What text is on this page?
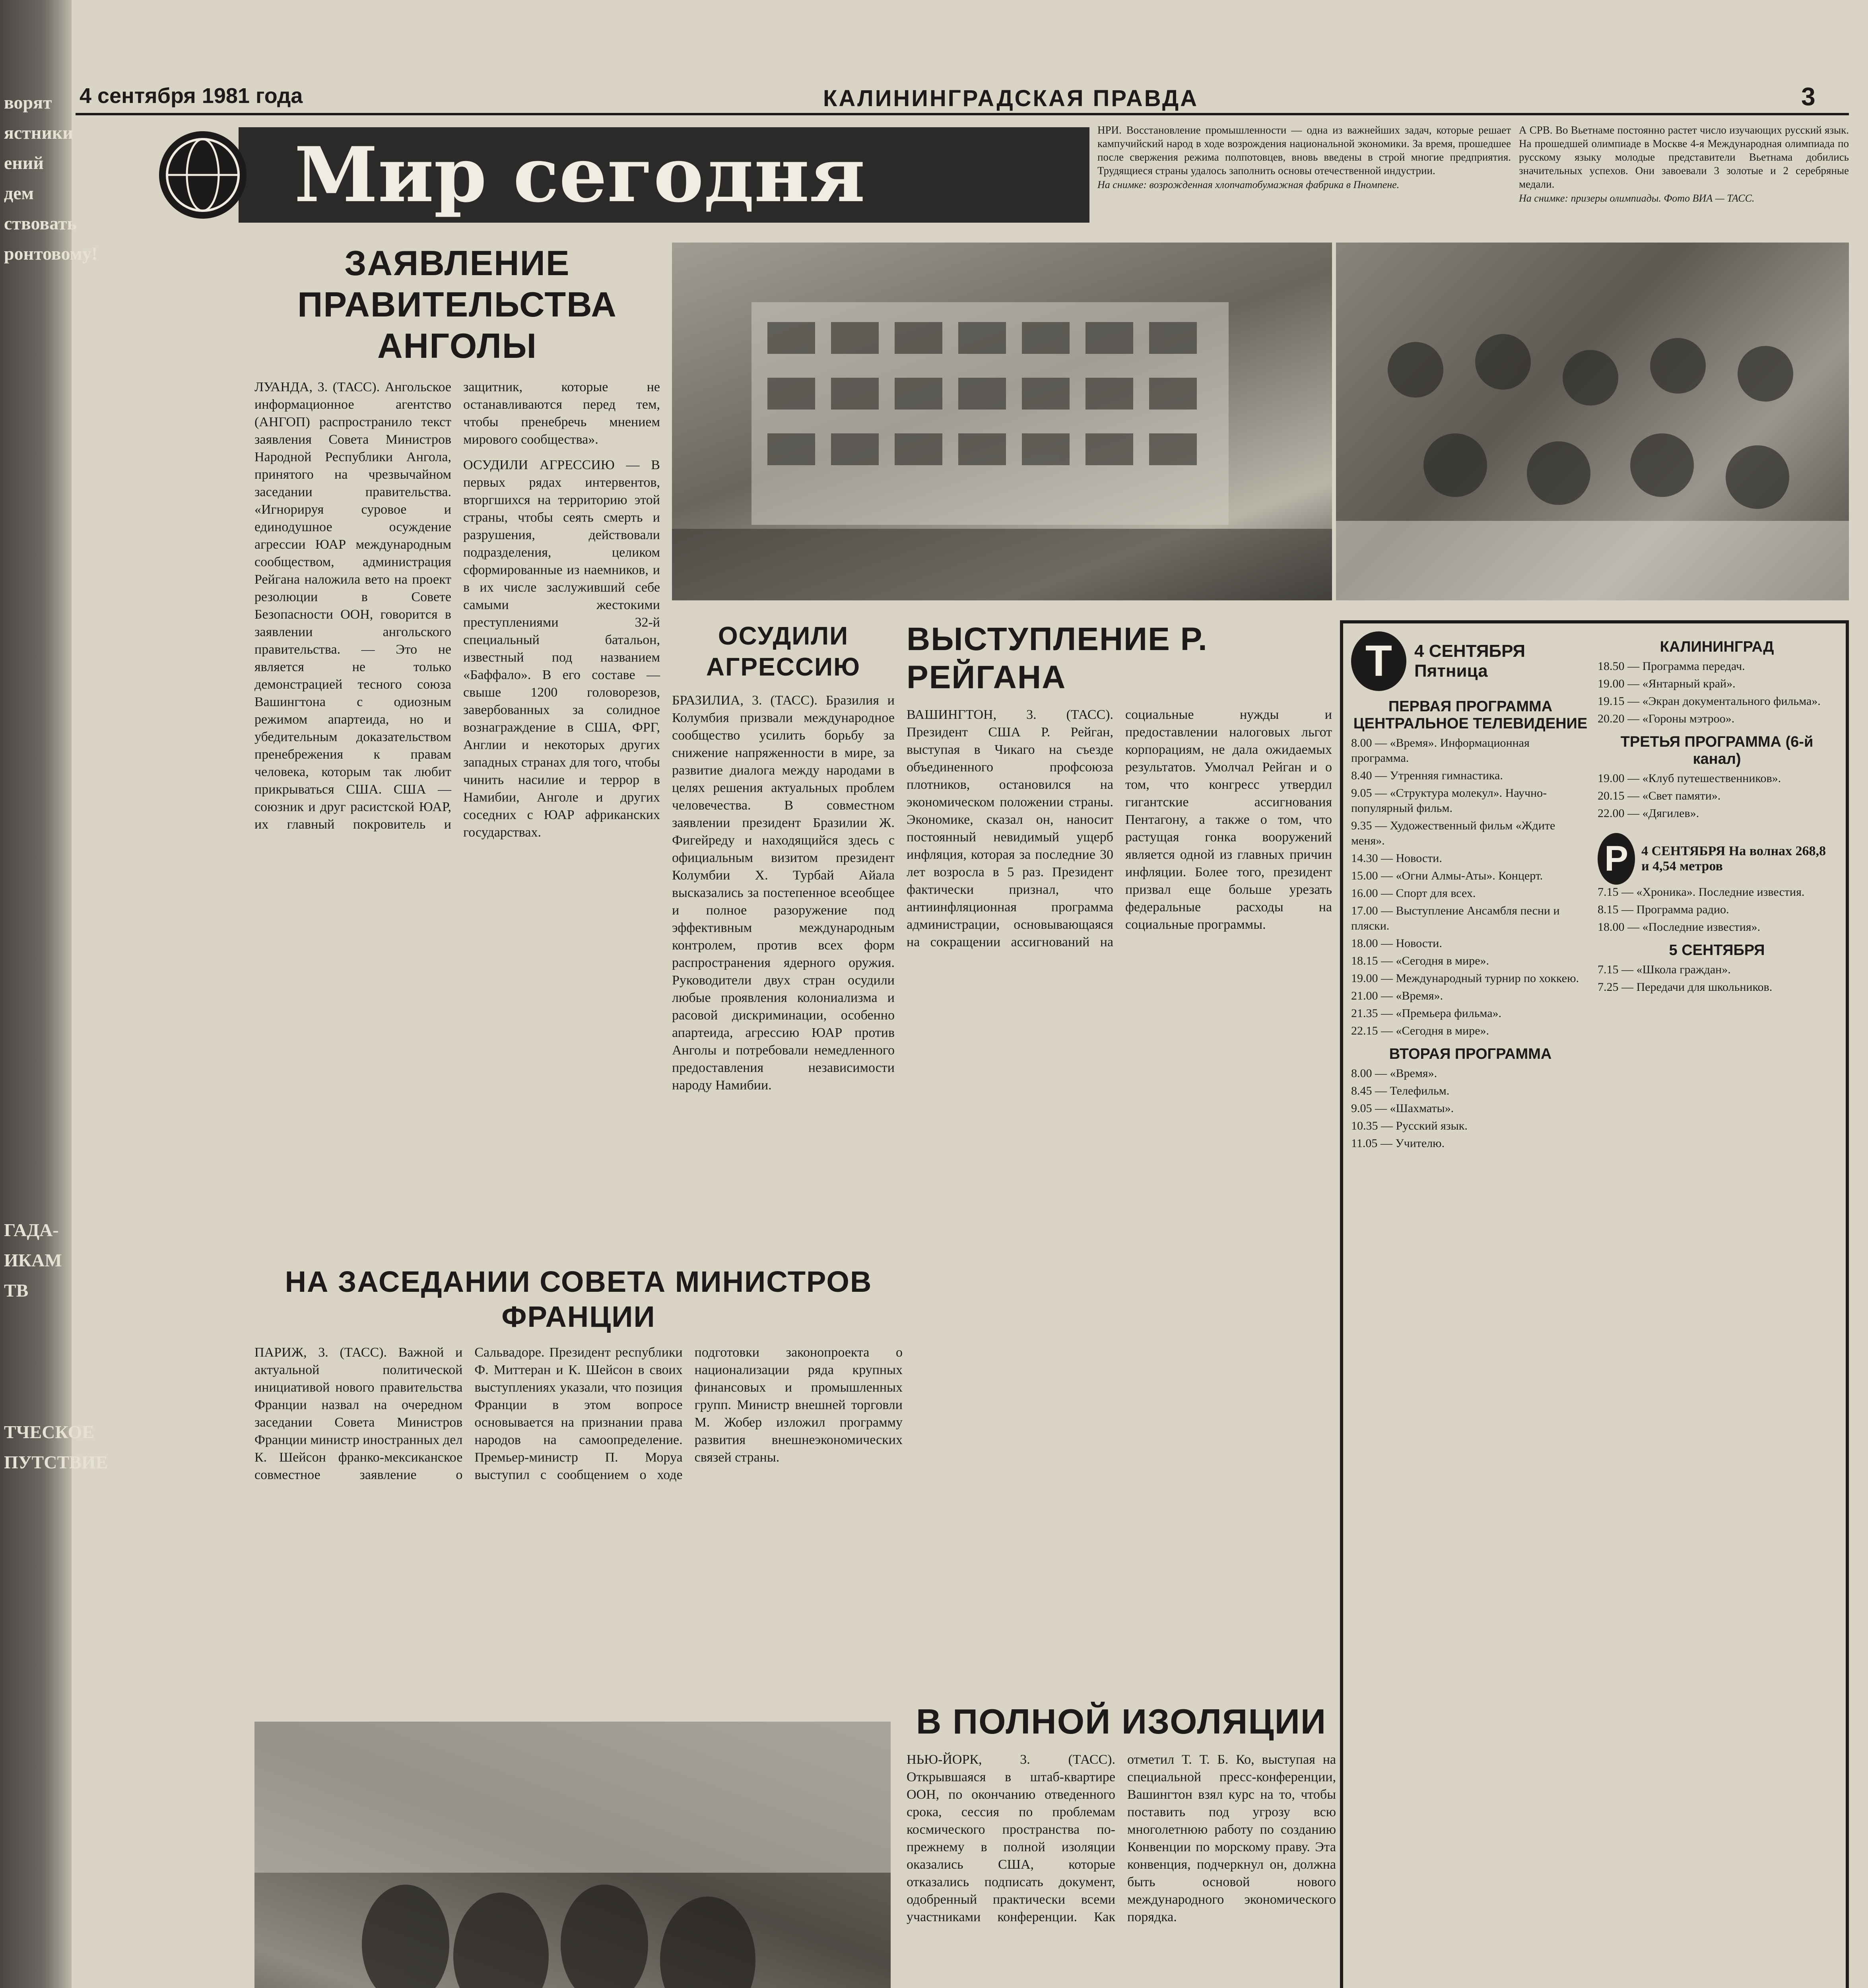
ворят

ястники

ений

дем

ствовать

ронтовому!

ГАДА-

ИКАМ

ТВ

ТЧЕСКОЕ

ПУТСТВИЕ

4 сентября 1981 года	КАЛИНИНГРАДСКАЯ ПРАВДА	3
Мир сегодня
НРИ. Восстановление промышленности — одна из важнейших задач, которые решает кампучийский народ в ходе возрождения национальной экономики. За время, прошедшее после свержения режима полпотовцев, вновь введены в строй многие предприятия. Трудящиеся страны удалось заполнить основы отечественной индустрии.
На снимке: возрожденная хлопчатобумажная фабрика в Пномпене.
А СРВ. Во Вьетнаме постоянно растет число изучающих русский язык. На прошедшей олимпиаде в Москве 4-я Международная олимпиада по русскому языку молодые представители Вьетнама добились значительных успехов. Они завоевали 3 золотые и 2 серебряные медали.
На снимке: призеры олимпиады. Фото ВИА — ТАСС.
ЗАЯВЛЕНИЕ ПРАВИТЕЛЬСТВА АНГОЛЫ
ЛУАНДА, 3. (ТАСС). Ангольское информационное агентство (АНГОП) распространило текст заявления Совета Министров Народной Республики Ангола, принятого на чрезвычайном заседании правительства. «Игнорируя суровое и единодушное осуждение агрессии ЮАР международным сообществом, администрация Рейгана наложила вето на проект резолюции в Совете Безопасности ООН, говорится в заявлении ангольского правительства. — Это не является не только демонстрацией тесного союза Вашингтона с одиозным режимом апартеида, но и убедительным доказательством пренебрежения к правам человека, которым так любит прикрываться США. США — союзник и друг расистской ЮАР, их главный покровитель и защитник, которые не останавливаются перед тем, чтобы пренебречь мнением мирового сообщества».
ОСУДИЛИ АГРЕССИЮ — В первых рядах интервентов, вторгшихся на территорию этой страны, чтобы сеять смерть и разрушения, действовали подразделения, целиком сформированные из наемников, и в их числе заслуживший себе самыми жестокими преступлениями 32-й специальный батальон, известный под названием «Баффало». В его составе — свыше 1200 головорезов, завербованных за солидное вознаграждение в США, ФРГ, Англии и некоторых других западных странах для того, чтобы чинить насилие и террор в Намибии, Анголе и других соседних с ЮАР африканских государствах.
ОСУДИЛИ АГРЕССИЮ
БРАЗИЛИА, 3. (ТАСС). Бразилия и Колумбия призвали международное сообщество усилить борьбу за снижение напряженности в мире, за развитие диалога между народами в целях решения актуальных проблем человечества. В совместном заявлении президент Бразилии Ж. Фигейреду и находящийся здесь с официальным визитом президент Колумбии Х. Турбай Айала высказались за постепенное всеобщее и полное разоружение под эффективным международным контролем, против всех форм распространения ядерного оружия. Руководители двух стран осудили любые проявления колониализма и расовой дискриминации, особенно апартеида, агрессию ЮАР против Анголы и потребовали немедленного предоставления независимости народу Намибии.
ВЫСТУПЛЕНИЕ Р. РЕЙГАНА
ВАШИНГТОН, 3. (ТАСС). Президент США Р. Рейган, выступая в Чикаго на съезде объединенного профсоюза плотников, остановился на экономическом положении страны. Экономике, сказал он, наносит постоянный невидимый ущерб инфляция, которая за последние 30 лет возросла в 5 раз. Президент фактически признал, что антиинфляционная программа администрации, основывающаяся на сокращении ассигнований на социальные нужды и предоставлении налоговых льгот корпорациям, не дала ожидаемых результатов. Умолчал Рейган и о том, что конгресс утвердил гигантские ассигнования Пентагону, а также о том, что растущая гонка вооружений является одной из главных причин инфляции. Более того, президент призвал еще больше урезать федеральные расходы на социальные программы.
Т	4 СЕНТЯБРЯ Пятница
ПЕРВАЯ ПРОГРАММА ЦЕНТРАЛЬНОЕ ТЕЛЕВИДЕНИЕ

8.00 — «Время». Информационная программа.

8.40 — Утренняя гимнастика.

9.05 — «Структура молекул». Научно-популярный фильм.

9.35 — Художественный фильм «Ждите меня».

14.30 — Новости.

15.00 — «Огни Алмы-Аты». Концерт.

16.00 — Спорт для всех.

17.00 — Выступление Ансамбля песни и пляски.

18.00 — Новости.

18.15 — «Сегодня в мире».

19.00 — Международный турнир по хоккею.

21.00 — «Время».

21.35 — «Премьера фильма».

22.15 — «Сегодня в мире».

ВТОРАЯ ПРОГРАММА

8.00 — «Время».

8.45 — Телефильм.

9.05 — «Шахматы».

10.35 — Русский язык.

11.05 — Учителю.

КАЛИНИНГРАД

18.50 — Программа передач.

19.00 — «Янтарный край».

19.15 — «Экран документального фильма».

20.20 — «Гороны мэтроо».

ТРЕТЬЯ ПРОГРАММА (6-й канал)

19.00 — «Клуб путешественников».

20.15 — «Свет памяти».

22.00 — «Дягилев».

Р 4 СЕНТЯБРЯ На волнах 268,8 и 4,54 метров

7.15 — «Хроника». Последние известия.

8.15 — Программа радио.

18.00 — «Последние известия».

5 СЕНТЯБРЯ

7.15 — «Школа граждан».

7.25 — Передачи для школьников.

НА ЗАСЕДАНИИ СОВЕТА МИНИСТРОВ ФРАНЦИИ
ПАРИЖ, 3. (ТАСС). Важной и актуальной политической инициативой нового правительства Франции назвал на очередном заседании Совета Министров Франции министр иностранных дел К. Шейсон франко-мексиканское совместное заявление о Сальвадоре. Президент республики Ф. Миттеран и К. Шейсон в своих выступлениях указали, что позиция Франции в этом вопросе основывается на признании права народов на самоопределение. Премьер-министр П. Моруа выступил с сообщением о ходе подготовки законопроекта о национализации ряда крупных финансовых и промышленных групп. Министр внешней торговли М. Жобер изложил программу развития внешнеэкономических связей страны.
В ПОЛНОЙ ИЗОЛЯЦИИ
НЬЮ-ЙОРК, 3. (ТАСС). Открывшаяся в штаб-квартире ООН, по окончанию отведенного срока, сессия по проблемам космического пространства по-прежнему в полной изоляции оказались США, которые отказались подписать документ, одобренный практически всеми участниками конференции. Как отметил Т. Т. Б. Ко, выступая на специальной пресс-конференции, Вашингтон взял курс на то, чтобы поставить под угрозу всю многолетнюю работу по созданию Конвенции по морскому праву. Эта конвенция, подчеркнул он, должна быть основой нового международного экономического порядка.
